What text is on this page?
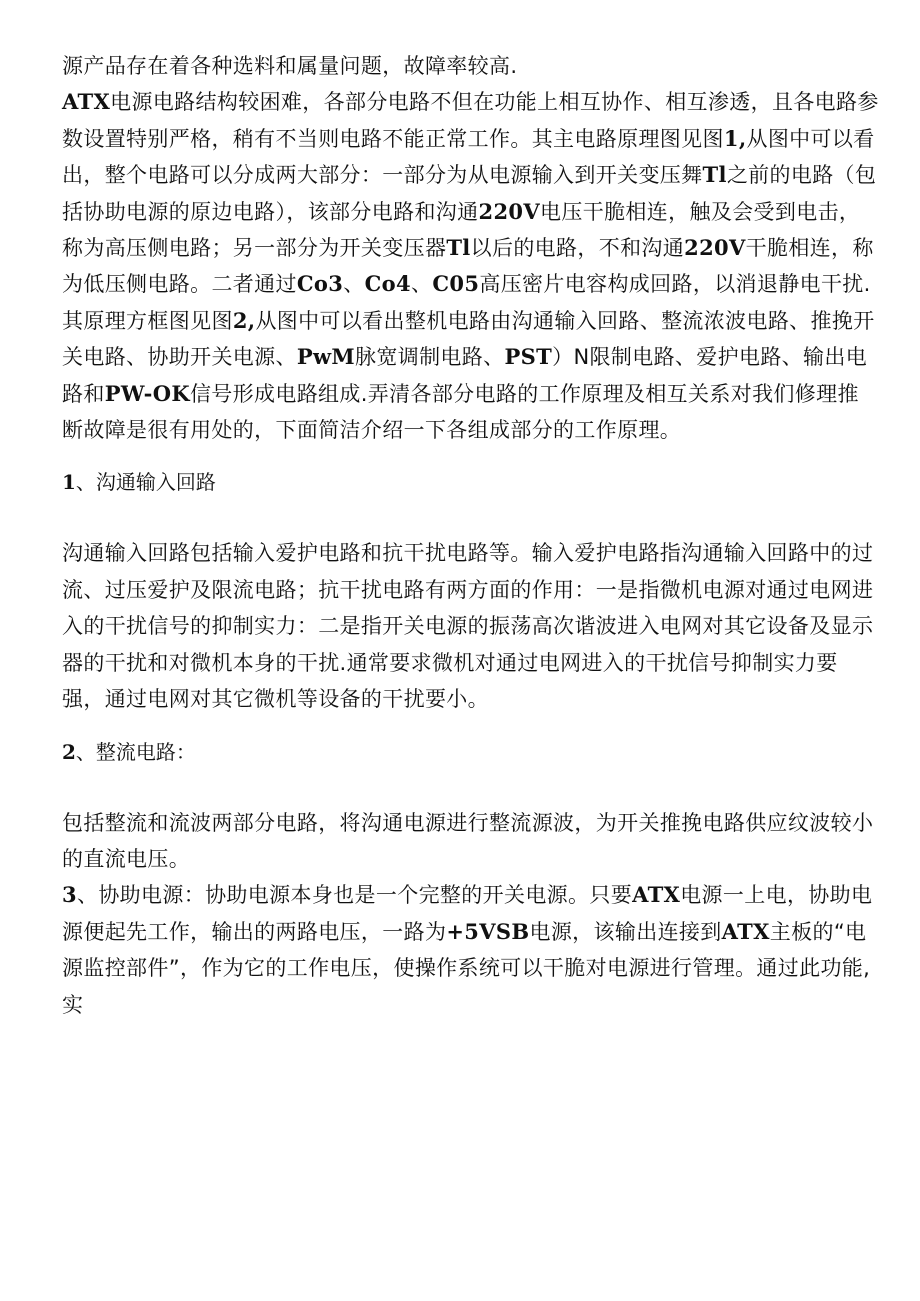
源产品存在着各种选料和属量问题，故障率较高.

ATX电源电路结构较困难，各部分电路不但在功能上相互协作、相互渗透，且各电路参数设置特别严格，稍有不当则电路不能正常工作。其主电路原理图见图1,从图中可以看出，整个电路可以分成两大部分：一部分为从电源输入到开关变压舞Tl之前的电路（包括协助电源的原边电路），该部分电路和沟通220V电压干脆相连，触及会受到电击，称为高压侧电路；另一部分为开关变压器Tl以后的电路，不和沟通220V干脆相连，称为低压侧电路。二者通过Co3、Co4、C05高压密片电容构成回路，以消退静电干扰.其原理方框图见图2,从图中可以看出整机电路由沟通输入回路、整流浓波电路、推挽开关电路、协助开关电源、PwM脉宽调制电路、PST）N限制电路、爱护电路、输出电路和PW-OK信号形成电路组成.弄清各部分电路的工作原理及相互关系对我们修理推断故障是很有用处的，下面简洁介绍一下各组成部分的工作原理。

1、沟通输入回路

沟通输入回路包括输入爱护电路和抗干扰电路等。输入爱护电路指沟通输入回路中的过流、过压爱护及限流电路；抗干扰电路有两方面的作用：一是指微机电源对通过电网进入的干扰信号的抑制实力：二是指开关电源的振荡高次谐波进入电网对其它设备及显示器的干扰和对微机本身的干扰.通常要求微机对通过电网进入的干扰信号抑制实力要强，通过电网对其它微机等设备的干扰要小。

2、整流电路：

包括整流和流波两部分电路，将沟通电源进行整流源波，为开关推挽电路供应纹波较小的直流电压。

3、协助电源：协助电源本身也是一个完整的开关电源。只要ATX电源一上电，协助电源便起先工作，输出的两路电压，一路为+5VSB电源，该输出连接到ATX主板的“电源监控部件”，作为它的工作电压，使操作系统可以干脆对电源进行管理。通过此功能,实
